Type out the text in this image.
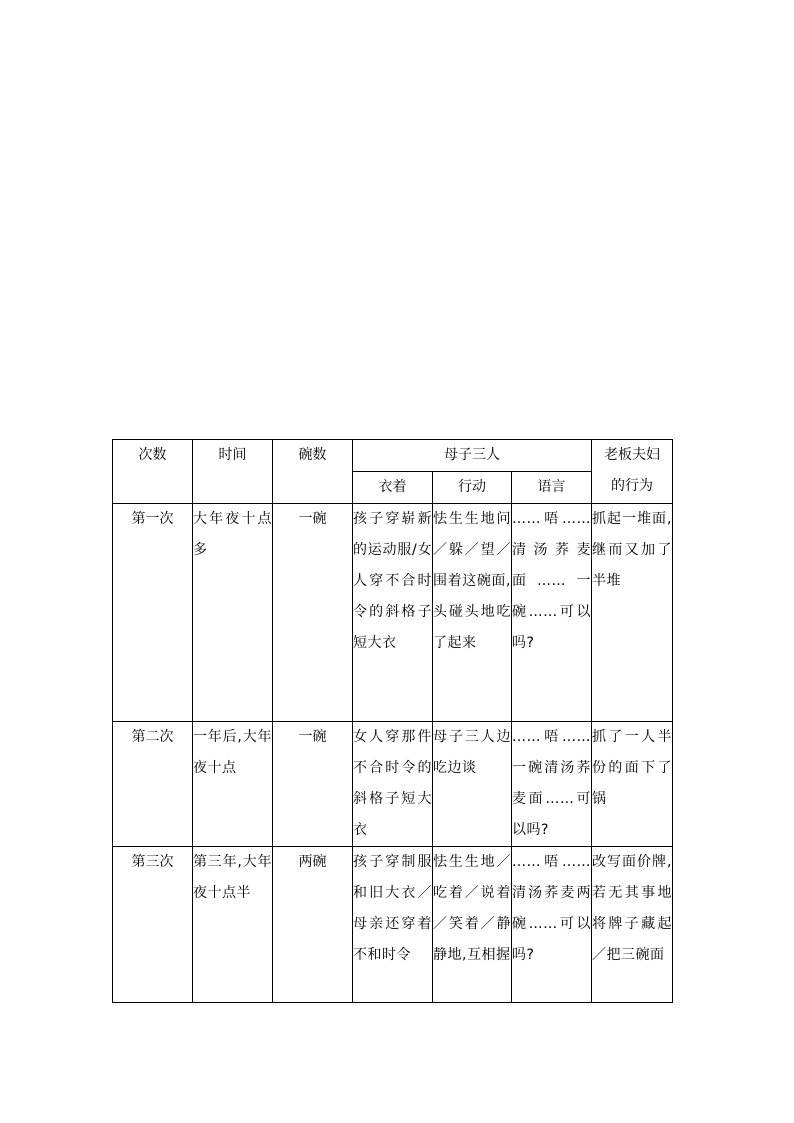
次数	时间	碗数	母子三人			老板夫妇
的行为

			衣着	行动	语言	
第一次	大年夜十点多	一碗	孩子穿崭新的运动服/女人穿不合时令的斜格子短大衣	怯生生地问／躲／望／围着这碗面,头碰头地吃了起来	……唔……清汤荞麦面……一碗……可以吗?	抓起一堆面,继而又加了半堆
第二次	一年后,大年夜十点	一碗	女人穿那件不合时令的斜格子短大衣	母子三人边吃边谈	……唔……一碗清汤荞麦面……可以吗?	抓了一人半份的面下了锅
第三次	第三年,大年夜十点半	两碗	孩子穿制服和旧大衣／ 母亲还穿着不和时令	怯生生地／吃着／说着／笑着／静静地,互相握	……唔……清汤荞麦两碗……可以吗?	改写面价牌,若无其事地将牌子藏起／把三碗面
